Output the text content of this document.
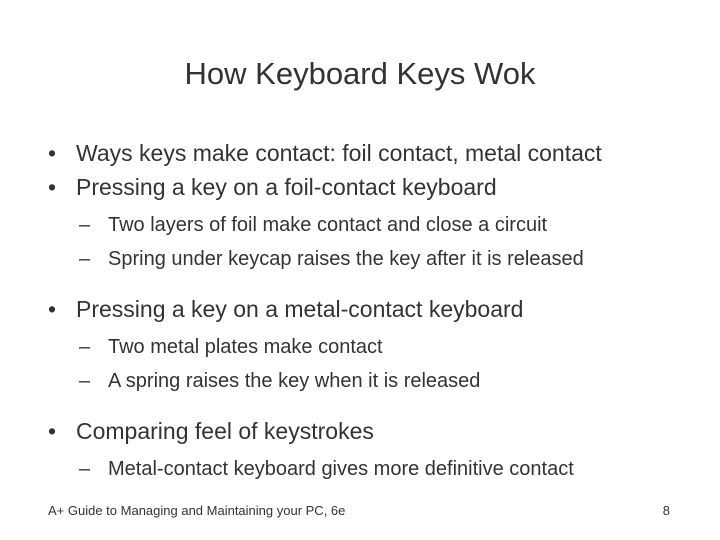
How Keyboard Keys Wok
• Ways keys make contact: foil contact, metal contact
• Pressing a key on a foil-contact keyboard
– Two layers of foil make contact and close a circuit
– Spring under keycap raises the key after it is released
• Pressing a key on a metal-contact keyboard
– Two metal plates make contact
– A spring raises the key when it is released
• Comparing feel of keystrokes
– Metal-contact keyboard gives more definitive contact
A+ Guide to Managing and Maintaining your PC, 6e	8
